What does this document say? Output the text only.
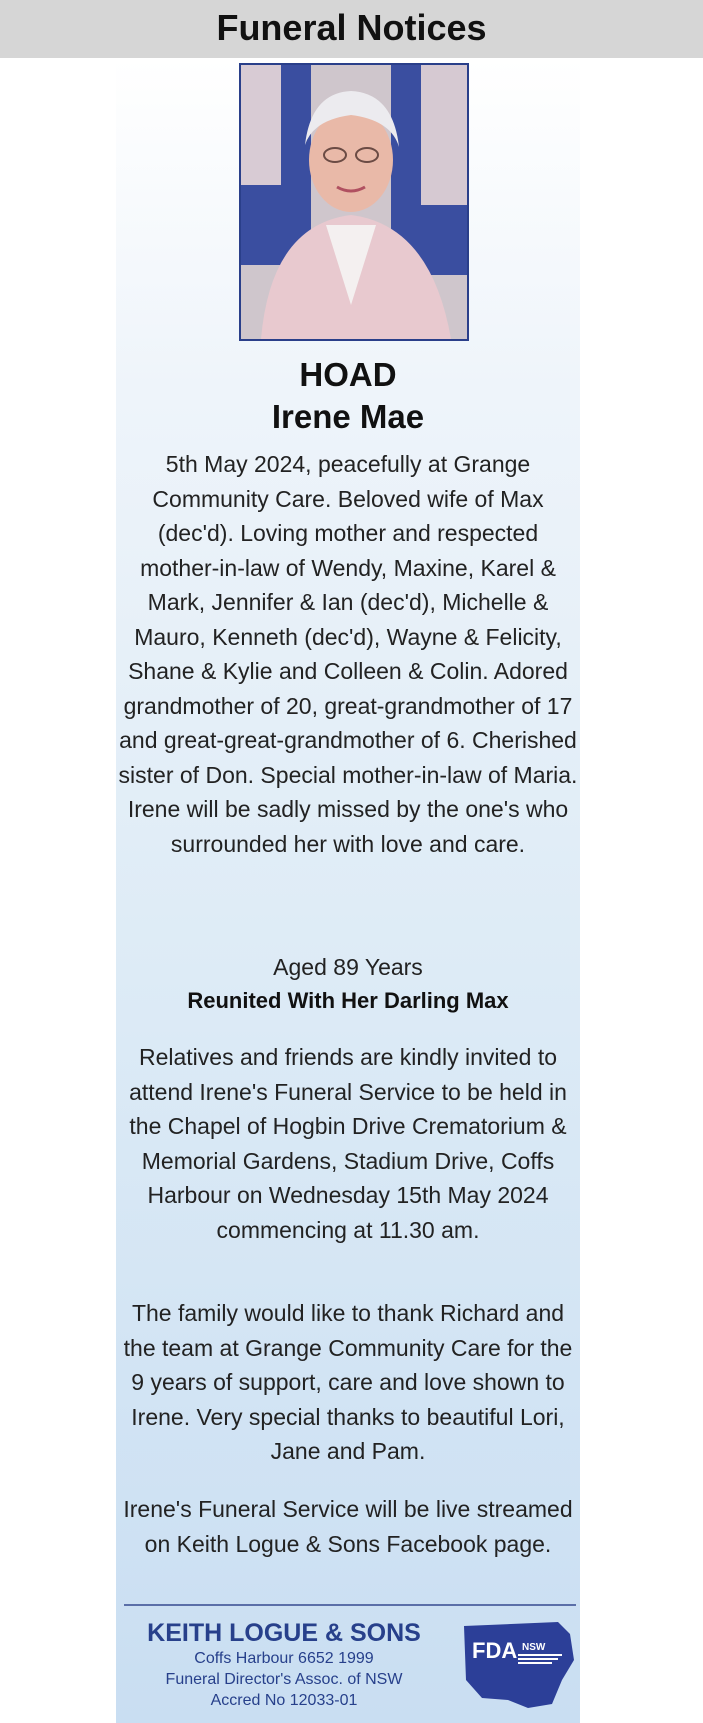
Funeral Notices
HOAD
Irene Mae

5th May 2024, peacefully at Grange Community Care. Beloved wife of Max (dec'd). Loving mother and respected mother-in-law of Wendy, Maxine, Karel & Mark, Jennifer & Ian (dec'd), Michelle & Mauro, Kenneth (dec'd), Wayne & Felicity, Shane & Kylie and Colleen & Colin. Adored grandmother of 20, great-grandmother of 17 and great-great-grandmother of 6. Cherished sister of Don. Special mother-in-law of Maria. Irene will be sadly missed by the one's who surrounded her with love and care.

Aged 89 Years
Reunited With Her Darling Max

Relatives and friends are kindly invited to attend Irene's Funeral Service to be held in the Chapel of Hogbin Drive Crematorium & Memorial Gardens, Stadium Drive, Coffs Harbour on Wednesday 15th May 2024 commencing at 11.30 am.

The family would like to thank Richard and the team at Grange Community Care for the 9 years of support, care and love shown to Irene. Very special thanks to beautiful Lori, Jane and Pam.

Irene's Funeral Service will be live streamed on Keith Logue & Sons Facebook page.

KEITH LOGUE & SONS
Coffs Harbour 6652 1999
Funeral Director's Assoc. of NSW
Accred No 12033-01
FDA NSW
